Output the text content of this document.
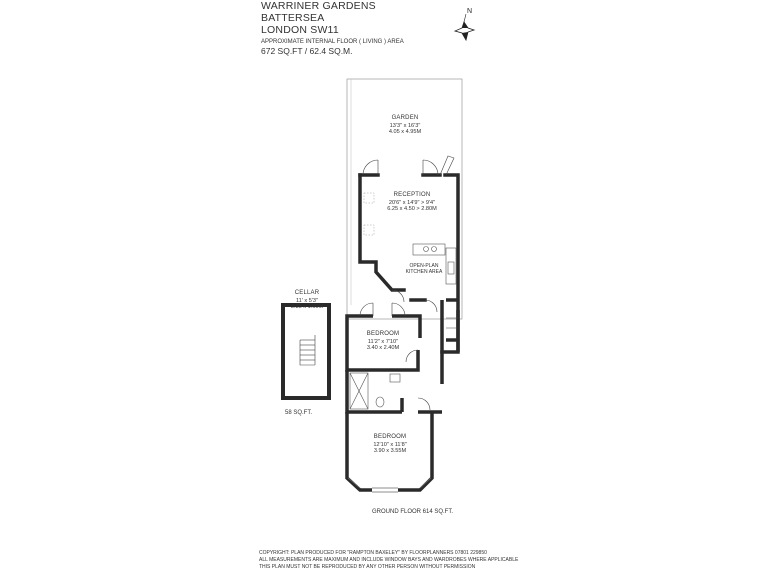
WARRINER GARDENS
BATTERSEA
LONDON SW11
APPROXIMATE INTERNAL FLOOR ( LIVING ) AREA
672 SQ.FT / 62.4 SQ.M.
N
GARDEN
13'3" x 16'3"
4.05 x 4.95M
RECEPTION
20'6" x 14'9" > 9'4"
6.25 x 4.50 > 2.80M
OPEN-PLAN
KITCHEN AREA
BEDROOM
11'2" x 7'10"
3.40 x 2.40M
BEDROOM
12'10" x 11'8"
3.90 x 3.55M
CELLAR
11' x 5'3"
3.35 x 1.60M
58 SQ.FT.
GROUND FLOOR 614 SQ.FT.
COPYRIGHT: PLAN PRODUCED FOR "RAMPTON BAXELEY" BY FLOORPLANNERS 07801 229850
ALL MEASUREMENTS ARE MAXIMUM AND INCLUDE WINDOW BAYS AND WARDROBES WHERE APPLICABLE
THIS PLAN MUST NOT BE REPRODUCED BY ANY OTHER PERSON WITHOUT PERMISSION
